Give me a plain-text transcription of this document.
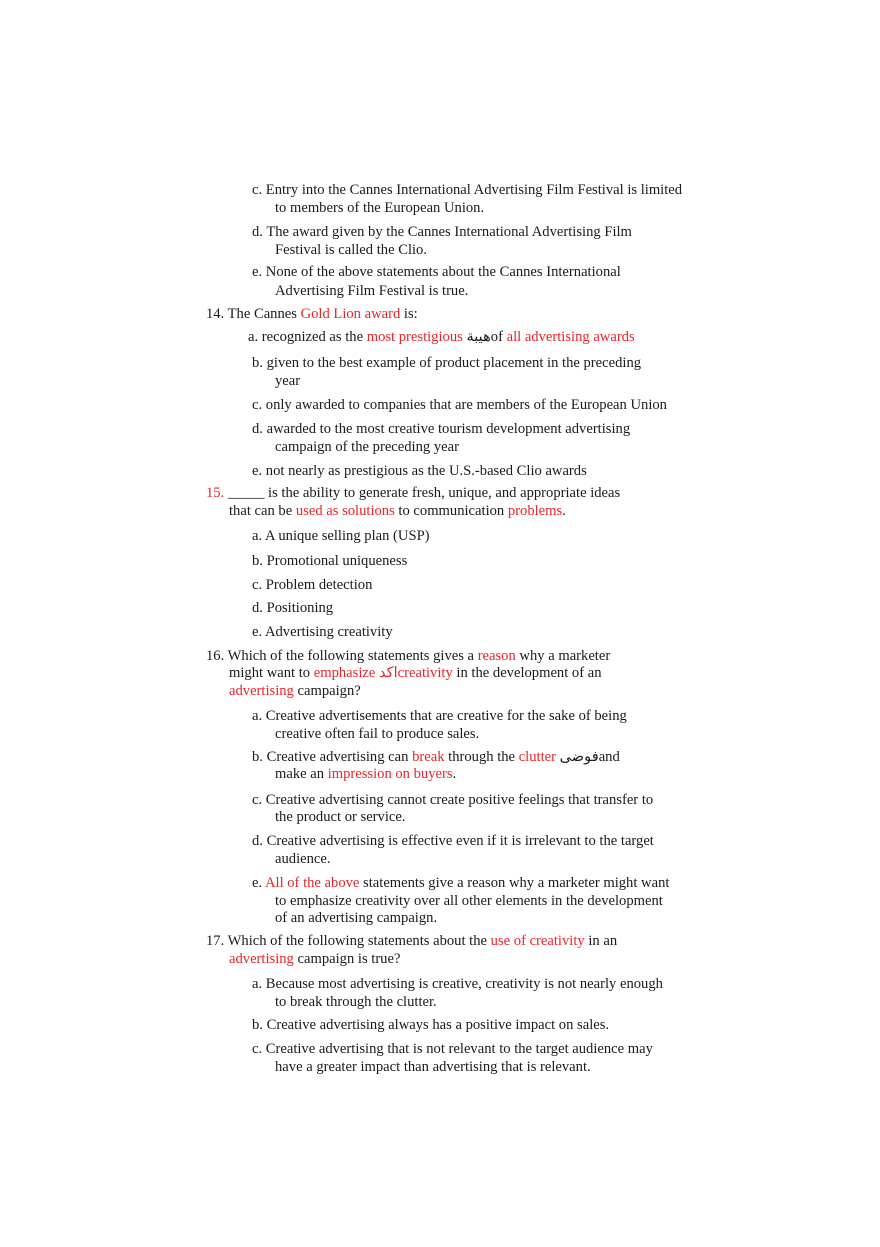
c. Entry into the Cannes International Advertising Film Festival is limited
to members of the European Union.
d. The award given by the Cannes International Advertising Film
Festival is called the Clio.
e. None of the above statements about the Cannes International
Advertising Film Festival is true.
14. The Cannes Gold Lion award is:
a. recognized as the most prestigious هيبةof all advertising awards
b. given to the best example of product placement in the preceding
year
c. only awarded to companies that are members of the European Union
d. awarded to the most creative tourism development advertising
campaign of the preceding year
e. not nearly as prestigious as the U.S.-based Clio awards
15. _____ is the ability to generate fresh, unique, and appropriate ideas
that can be used as solutions to communication problems.
a. A unique selling plan (USP)
b. Promotional uniqueness
c. Problem detection
d. Positioning
e. Advertising creativity
16. Which of the following statements gives a reason why a marketer
might want to emphasize اكدcreativity in the development of an
advertising campaign?
a. Creative advertisements that are creative for the sake of being
creative often fail to produce sales.
b. Creative advertising can break through the clutter فوضىand
make an impression on buyers.
c. Creative advertising cannot create positive feelings that transfer to
the product or service.
d. Creative advertising is effective even if it is irrelevant to the target
audience.
e. All of the above statements give a reason why a marketer might want
to emphasize creativity over all other elements in the development
of an advertising campaign.
17. Which of the following statements about the use of creativity in an
advertising campaign is true?
a. Because most advertising is creative, creativity is not nearly enough
to break through the clutter.
b. Creative advertising always has a positive impact on sales.
c. Creative advertising that is not relevant to the target audience may
have a greater impact than advertising that is relevant.
